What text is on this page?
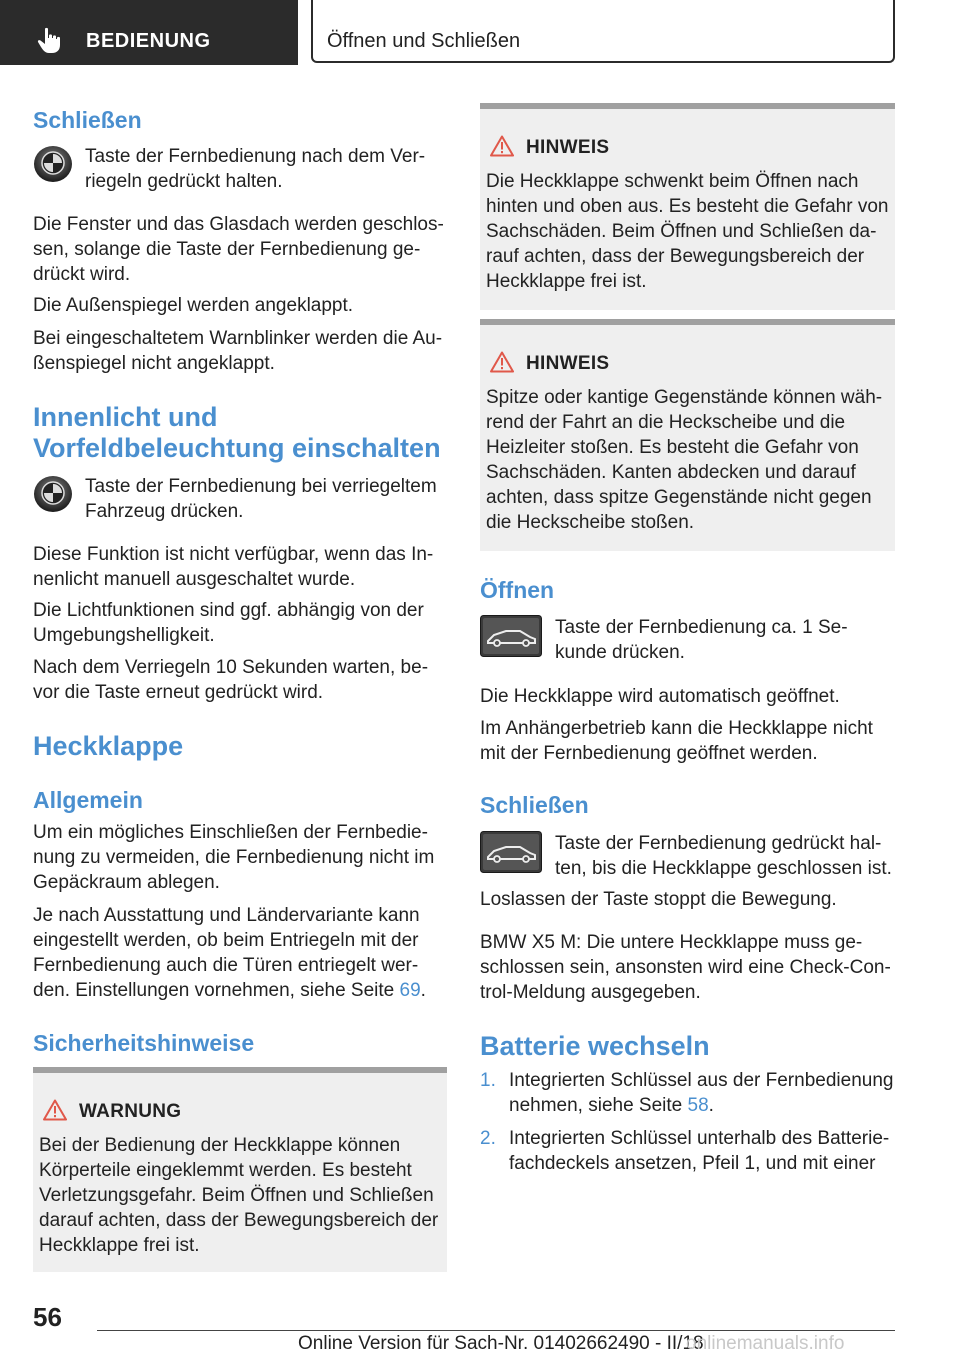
BEDIENUNG	Öffnen und Schließen
Schließen

Taste der Fernbedienung nach dem Ver-riegeln gedrückt halten.

Die Fenster und das Glasdach werden geschlos-sen, solange die Taste der Fernbedienung ge-drückt wird.

Die Außenspiegel werden angeklappt.

Bei eingeschaltetem Warnblinker werden die Au-ßenspiegel nicht angeklappt.

Innenlicht und
Vorfeldbeleuchtung einschalten

Taste der Fernbedienung bei verriegeltem Fahrzeug drücken.

Diese Funktion ist nicht verfügbar, wenn das In-nenlicht manuell ausgeschaltet wurde.

Die Lichtfunktionen sind ggf. abhängig von der Umgebungshelligkeit.

Nach dem Verriegeln 10 Sekunden warten, be-vor die Taste erneut gedrückt wird.

Heckklappe
Allgemein

Um ein mögliches Einschließen der Fernbedie-nung zu vermeiden, die Fernbedienung nicht im Gepäckraum ablegen.

Je nach Ausstattung und Ländervariante kann eingestellt werden, ob beim Entriegeln mit der Fernbedienung auch die Türen entriegelt wer-den. Einstellungen vornehmen, siehe Seite 69.

Sicherheitshinweise
WARNUNG

Bei der Bedienung der Heckklappe können Körperteile eingeklemmt werden. Es besteht Verletzungsgefahr. Beim Öffnen und Schließen darauf achten, dass der Bewegungsbereich der Heckklappe frei ist.

HINWEIS

Die Heckklappe schwenkt beim Öffnen nach hinten und oben aus. Es besteht die Gefahr von Sachschäden. Beim Öffnen und Schließen da-rauf achten, dass der Bewegungsbereich der Heckklappe frei ist.

HINWEIS

Spitze oder kantige Gegenstände können wäh-rend der Fahrt an die Heckscheibe und die Heizleiter stoßen. Es besteht die Gefahr von Sachschäden. Kanten abdecken und darauf achten, dass spitze Gegenstände nicht gegen die Heckscheibe stoßen.

Öffnen

Taste der Fernbedienung ca. 1 Se-kunde drücken.

Die Heckklappe wird automatisch geöffnet.

Im Anhängerbetrieb kann die Heckklappe nicht mit der Fernbedienung geöffnet werden.

Schließen

Taste der Fernbedienung gedrückt hal-ten, bis die Heckklappe geschlossen ist.

Loslassen der Taste stoppt die Bewegung.

BMW X5 M: Die untere Heckklappe muss ge-schlossen sein, ansonsten wird eine Check-Con-trol-Meldung ausgegeben.

Batterie wechseln
1. Integrierten Schlüssel aus der Fernbedienung nehmen, siehe Seite 58.

2. Integrierten Schlüssel unterhalb des Batterie-fachdeckels ansetzen, Pfeil 1, und mit einer

56
Online Version für Sach-Nr. 01402662490 - II/18
onlinemanuals.info
